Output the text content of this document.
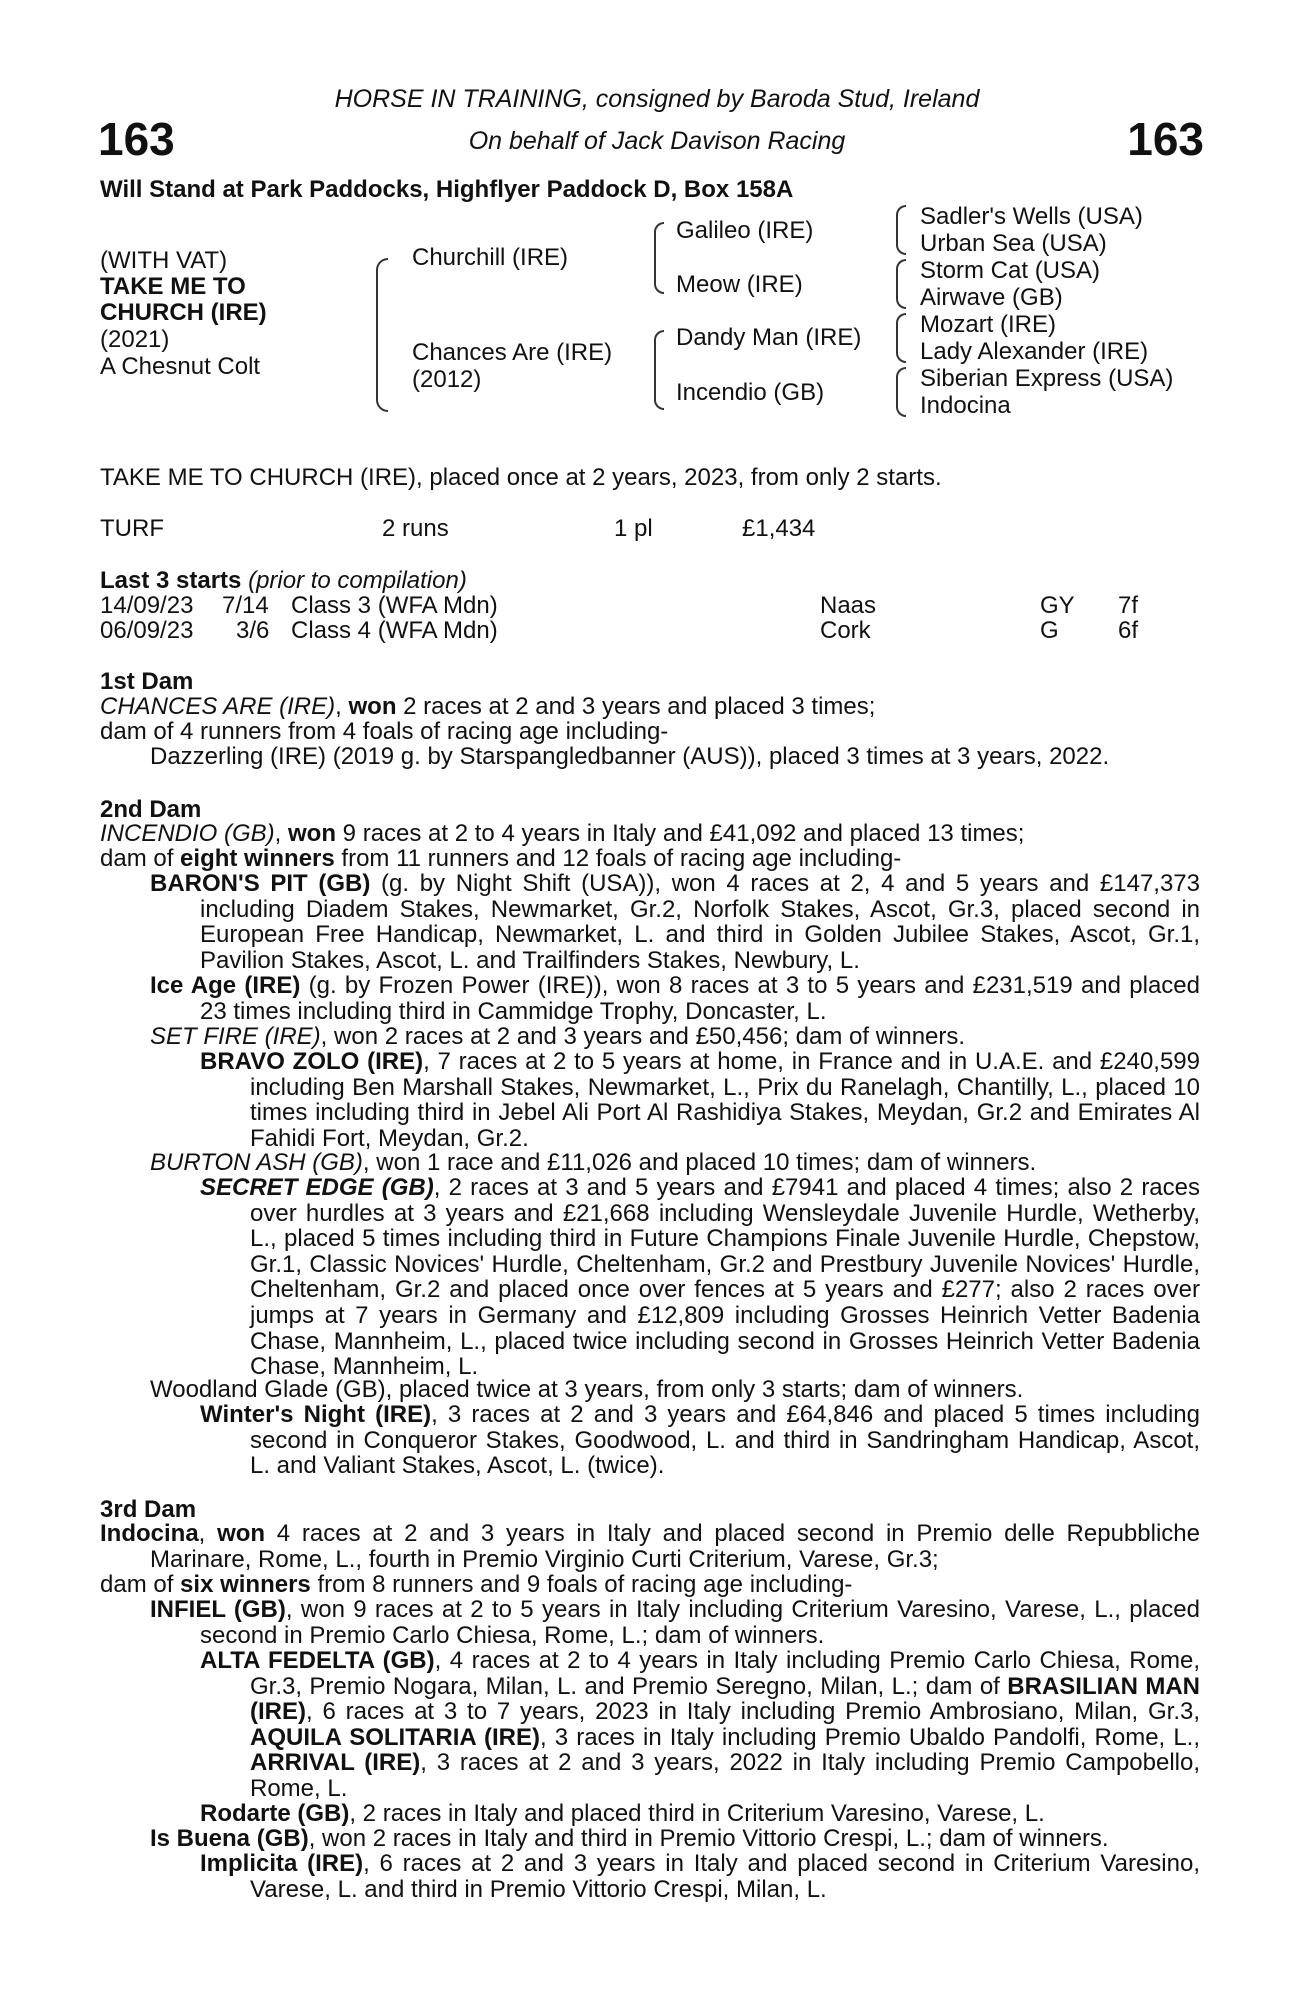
163	163
HORSE IN TRAINING, consigned by Baroda Stud, Ireland
On behalf of Jack Davison Racing
Will Stand at Park Paddocks, Highflyer Paddock D, Box 158A
(WITH VAT)
TAKE ME TO
CHURCH (IRE)
(2021)
A Chesnut Colt
Churchill (IRE)
Chances Are (IRE)
(2012)
Galileo (IRE)
Meow (IRE)
Dandy Man (IRE)
Incendio (GB)
Sadler's Wells (USA)
Urban Sea (USA)
Storm Cat (USA)
Airwave (GB)
Mozart (IRE)
Lady Alexander (IRE)
Siberian Express (USA)
Indocina
TAKE ME TO CHURCH (IRE), placed once at 2 years, 2023, from only 2 starts.
TURF	2 runs	1 pl	£1,434
Last 3 starts (prior to compilation)
14/09/23 7/14 Class 3 (WFA Mdn)	Naas	GY 7f
06/09/23 3/6 Class 4 (WFA Mdn)	Cork	G 6f
1st Dam
CHANCES ARE (IRE), won 2 races at 2 and 3 years and placed 3 times;
dam of 4 runners from 4 foals of racing age including-
Dazzerling (IRE) (2019 g. by Starspangledbanner (AUS)), placed 3 times at 3 years, 2022.
2nd Dam
INCENDIO (GB), won 9 races at 2 to 4 years in Italy and £41,092 and placed 13 times;
dam of eight winners from 11 runners and 12 foals of racing age including-
BARON'S PIT (GB) (g. by Night Shift (USA)), won 4 races at 2, 4 and 5 years and £147,373 including Diadem Stakes, Newmarket, Gr.2, Norfolk Stakes, Ascot, Gr.3, placed second in European Free Handicap, Newmarket, L. and third in Golden Jubilee Stakes, Ascot, Gr.1, Pavilion Stakes, Ascot, L. and Trailfinders Stakes, Newbury, L.
Ice Age (IRE) (g. by Frozen Power (IRE)), won 8 races at 3 to 5 years and £231,519 and placed 23 times including third in Cammidge Trophy, Doncaster, L.
SET FIRE (IRE), won 2 races at 2 and 3 years and £50,456; dam of winners.
BRAVO ZOLO (IRE), 7 races at 2 to 5 years at home, in France and in U.A.E. and £240,599 including Ben Marshall Stakes, Newmarket, L., Prix du Ranelagh, Chantilly, L., placed 10 times including third in Jebel Ali Port Al Rashidiya Stakes, Meydan, Gr.2 and Emirates Al Fahidi Fort, Meydan, Gr.2.
BURTON ASH (GB), won 1 race and £11,026 and placed 10 times; dam of winners.
SECRET EDGE (GB), 2 races at 3 and 5 years and £7941 and placed 4 times; also 2 races over hurdles at 3 years and £21,668 including Wensleydale Juvenile Hurdle, Wetherby, L., placed 5 times including third in Future Champions Finale Juvenile Hurdle, Chepstow, Gr.1, Classic Novices' Hurdle, Cheltenham, Gr.2 and Prestbury Juvenile Novices' Hurdle, Cheltenham, Gr.2 and placed once over fences at 5 years and £277; also 2 races over jumps at 7 years in Germany and £12,809 including Grosses Heinrich Vetter Badenia Chase, Mannheim, L., placed twice including second in Grosses Heinrich Vetter Badenia Chase, Mannheim, L.
Woodland Glade (GB), placed twice at 3 years, from only 3 starts; dam of winners.
Winter's Night (IRE), 3 races at 2 and 3 years and £64,846 and placed 5 times including second in Conqueror Stakes, Goodwood, L. and third in Sandringham Handicap, Ascot, L. and Valiant Stakes, Ascot, L. (twice).
3rd Dam
Indocina, won 4 races at 2 and 3 years in Italy and placed second in Premio delle Repubbliche Marinare, Rome, L., fourth in Premio Virginio Curti Criterium, Varese, Gr.3;
dam of six winners from 8 runners and 9 foals of racing age including-
INFIEL (GB), won 9 races at 2 to 5 years in Italy including Criterium Varesino, Varese, L., placed second in Premio Carlo Chiesa, Rome, L.; dam of winners.
ALTA FEDELTA (GB), 4 races at 2 to 4 years in Italy including Premio Carlo Chiesa, Rome, Gr.3, Premio Nogara, Milan, L. and Premio Seregno, Milan, L.; dam of BRASILIAN MAN (IRE), 6 races at 3 to 7 years, 2023 in Italy including Premio Ambrosiano, Milan, Gr.3, AQUILA SOLITARIA (IRE), 3 races in Italy including Premio Ubaldo Pandolfi, Rome, L., ARRIVAL (IRE), 3 races at 2 and 3 years, 2022 in Italy including Premio Campobello, Rome, L.
Rodarte (GB), 2 races in Italy and placed third in Criterium Varesino, Varese, L.
Is Buena (GB), won 2 races in Italy and third in Premio Vittorio Crespi, L.; dam of winners.
Implicita (IRE), 6 races at 2 and 3 years in Italy and placed second in Criterium Varesino, Varese, L. and third in Premio Vittorio Crespi, Milan, L.
